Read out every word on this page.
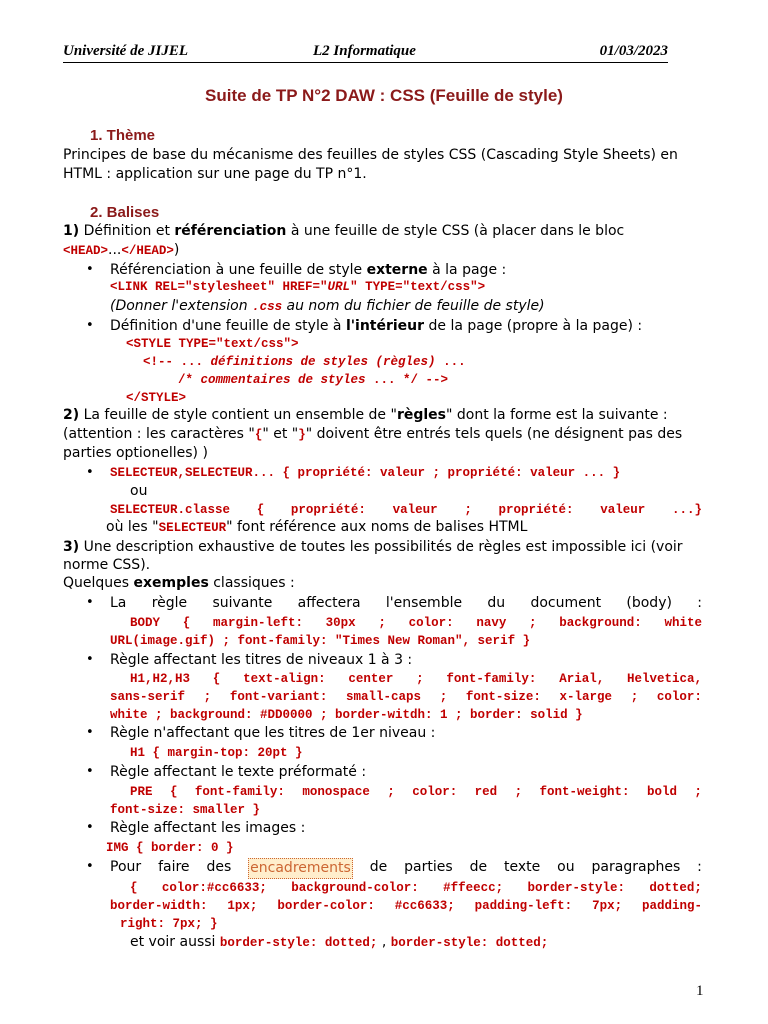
Université de JIJEL	L2 Informatique	01/03/2023
Suite de TP N°2 DAW : CSS (Feuille de style)
1. Thème
Principes de base du mécanisme des feuilles de styles CSS (Cascading Style Sheets) en
HTML : application sur une page du TP n°1.
2. Balises
1) Définition et référenciation à une feuille de style CSS (à placer dans le bloc
<HEAD>...</HEAD>)
• Référenciation à une feuille de style externe à la page :
<LINK REL="stylesheet" HREF="URL" TYPE="text/css">
(Donner l'extension .css au nom du fichier de feuille de style)
• Définition d'une feuille de style à l'intérieur de la page (propre à la page) :
<STYLE TYPE="text/css">
<!-- ... définitions de styles (règles) ...
/* commentaires de styles ... */ -->
</STYLE>
2) La feuille de style contient un ensemble de "règles" dont la forme est la suivante :
(attention : les caractères "{" et "}" doivent être entrés tels quels (ne désignent pas des
parties optionelles) )
• SELECTEUR,SELECTEUR... { propriété: valeur ; propriété: valeur ... }
ou
SELECTEUR.classe { propriété: valeur ; propriété: valeur ...}
où les "SELECTEUR" font référence aux noms de balises HTML
3) Une description exhaustive de toutes les possibilités de règles est impossible ici (voir
norme CSS).
Quelques exemples classiques :
• La règle suivante affectera l'ensemble du document (body) :
BODY { margin-left: 30px ; color: navy ; background: white
URL(image.gif) ; font-family: "Times New Roman", serif }
• Règle affectant les titres de niveaux 1 à 3 :
H1,H2,H3 { text-align: center ; font-family: Arial, Helvetica,
sans-serif ; font-variant: small-caps ; font-size: x-large ; color:
white ; background: #DD0000 ; border-witdh: 1 ; border: solid }
• Règle n'affectant que les titres de 1er niveau :
H1 { margin-top: 20pt }
• Règle affectant le texte préformaté :
PRE { font-family: monospace ; color: red ; font-weight: bold ;
font-size: smaller }
• Règle affectant les images :
IMG { border: 0 }
• Pour faire des encadrements de parties de texte ou paragraphes :
{ color:#cc6633; background-color: #ffeecc; border-style: dotted;
border-width: 1px; border-color: #cc6633; padding-left: 7px; padding-
right: 7px; }
et voir aussi border-style: dotted; , border-style: dotted;
1
